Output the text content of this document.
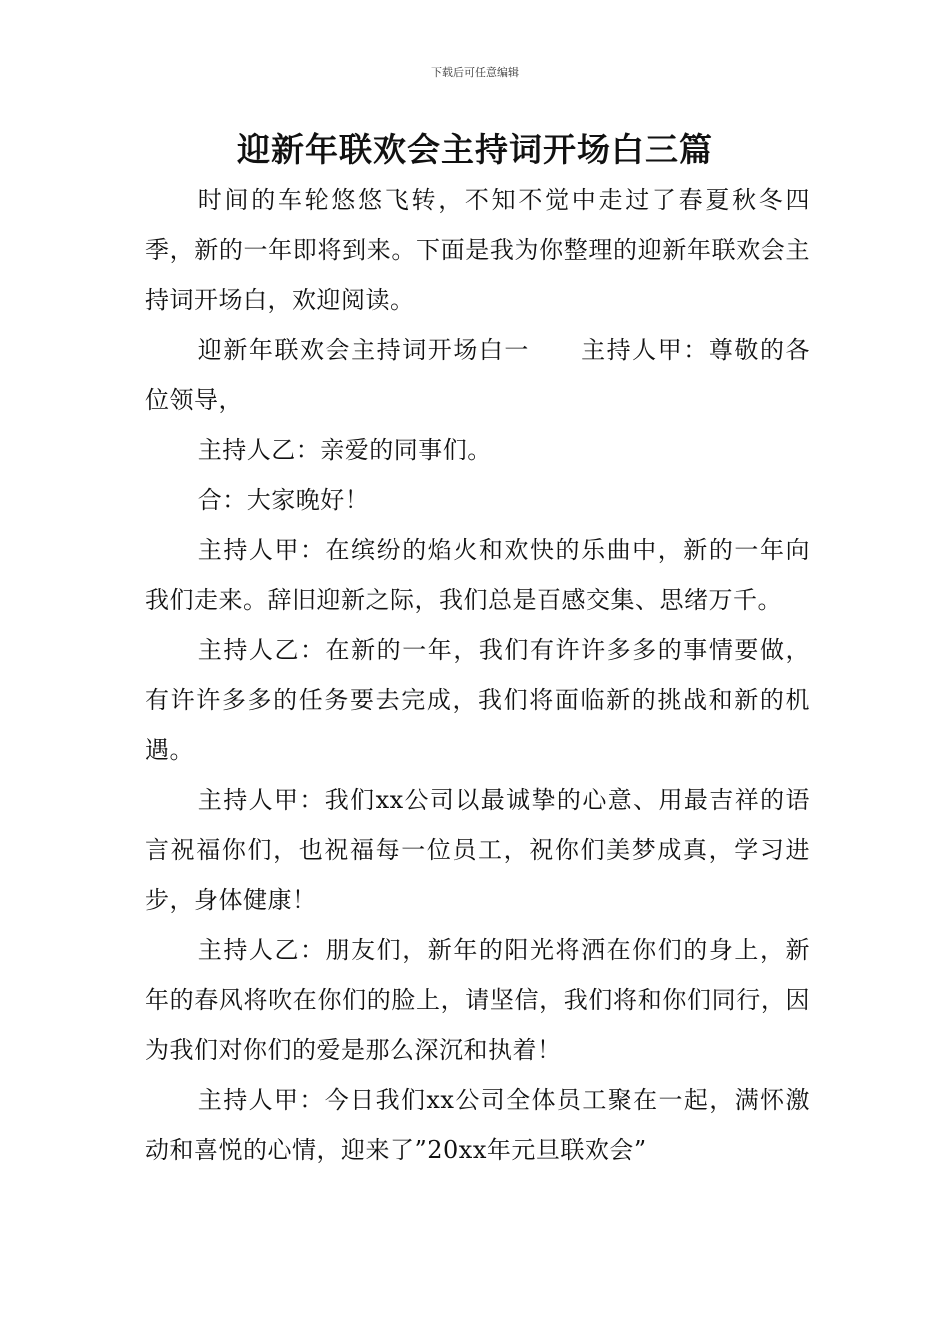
下载后可任意编辑
迎新年联欢会主持词开场白三篇

时间的车轮悠悠飞转，不知不觉中走过了春夏秋冬四季，新的一年即将到来。下面是我为你整理的迎新年联欢会主持词开场白，欢迎阅读。

迎新年联欢会主持词开场白一　　主持人甲：尊敬的各位领导，

主持人乙：亲爱的同事们。

合：大家晚好！

主持人甲：在缤纷的焰火和欢快的乐曲中，新的一年向我们走来。辞旧迎新之际，我们总是百感交集、思绪万千。

主持人乙：在新的一年，我们有许许多多的事情要做，有许许多多的任务要去完成，我们将面临新的挑战和新的机遇。

主持人甲：我们xx公司以最诚挚的心意、用最吉祥的语言祝福你们，也祝福每一位员工，祝你们美梦成真，学习进步，身体健康！

主持人乙：朋友们，新年的阳光将洒在你们的身上，新年的春风将吹在你们的脸上，请坚信，我们将和你们同行，因为我们对你们的爱是那么深沉和执着！

主持人甲：今日我们xx公司全体员工聚在一起，满怀激动和喜悦的心情，迎来了”20xx年元旦联欢会”
